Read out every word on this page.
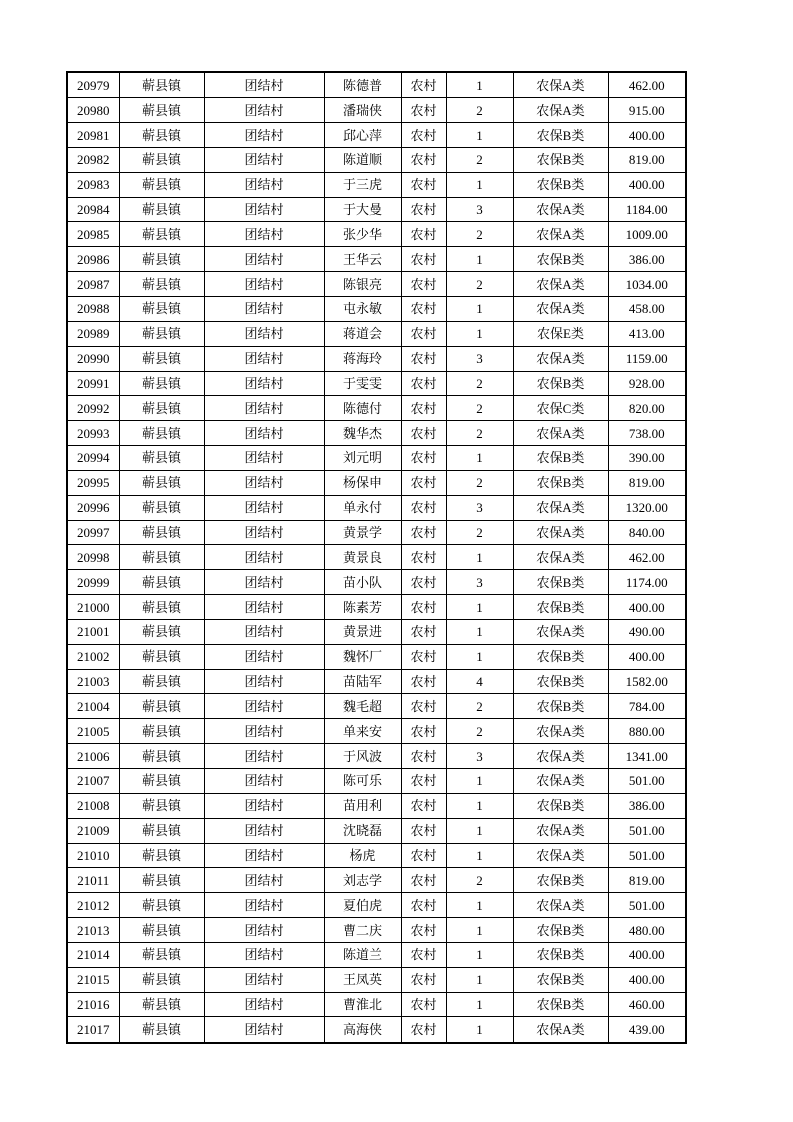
20979	蕲县镇	团结村	陈德普	农村	1	农保A类	462.00
20980	蕲县镇	团结村	潘瑞侠	农村	2	农保A类	915.00
20981	蕲县镇	团结村	邱心萍	农村	1	农保B类	400.00
20982	蕲县镇	团结村	陈道顺	农村	2	农保B类	819.00
20983	蕲县镇	团结村	于三虎	农村	1	农保B类	400.00
20984	蕲县镇	团结村	于大曼	农村	3	农保A类	1184.00
20985	蕲县镇	团结村	张少华	农村	2	农保A类	1009.00
20986	蕲县镇	团结村	王华云	农村	1	农保B类	386.00
20987	蕲县镇	团结村	陈银亮	农村	2	农保A类	1034.00
20988	蕲县镇	团结村	屯永敏	农村	1	农保A类	458.00
20989	蕲县镇	团结村	蒋道会	农村	1	农保E类	413.00
20990	蕲县镇	团结村	蒋海玲	农村	3	农保A类	1159.00
20991	蕲县镇	团结村	于雯雯	农村	2	农保B类	928.00
20992	蕲县镇	团结村	陈德付	农村	2	农保C类	820.00
20993	蕲县镇	团结村	魏华杰	农村	2	农保A类	738.00
20994	蕲县镇	团结村	刘元明	农村	1	农保B类	390.00
20995	蕲县镇	团结村	杨保申	农村	2	农保B类	819.00
20996	蕲县镇	团结村	单永付	农村	3	农保A类	1320.00
20997	蕲县镇	团结村	黄景学	农村	2	农保A类	840.00
20998	蕲县镇	团结村	黄景良	农村	1	农保A类	462.00
20999	蕲县镇	团结村	苗小队	农村	3	农保B类	1174.00
21000	蕲县镇	团结村	陈素芳	农村	1	农保B类	400.00
21001	蕲县镇	团结村	黄景进	农村	1	农保A类	490.00
21002	蕲县镇	团结村	魏怀厂	农村	1	农保B类	400.00
21003	蕲县镇	团结村	苗陆军	农村	4	农保B类	1582.00
21004	蕲县镇	团结村	魏毛超	农村	2	农保B类	784.00
21005	蕲县镇	团结村	单来安	农村	2	农保A类	880.00
21006	蕲县镇	团结村	于风波	农村	3	农保A类	1341.00
21007	蕲县镇	团结村	陈可乐	农村	1	农保A类	501.00
21008	蕲县镇	团结村	苗用利	农村	1	农保B类	386.00
21009	蕲县镇	团结村	沈晓磊	农村	1	农保A类	501.00
21010	蕲县镇	团结村	杨虎	农村	1	农保A类	501.00
21011	蕲县镇	团结村	刘志学	农村	2	农保B类	819.00
21012	蕲县镇	团结村	夏伯虎	农村	1	农保A类	501.00
21013	蕲县镇	团结村	曹二庆	农村	1	农保B类	480.00
21014	蕲县镇	团结村	陈道兰	农村	1	农保B类	400.00
21015	蕲县镇	团结村	王凤英	农村	1	农保B类	400.00
21016	蕲县镇	团结村	曹淮北	农村	1	农保B类	460.00
21017	蕲县镇	团结村	高海侠	农村	1	农保A类	439.00
